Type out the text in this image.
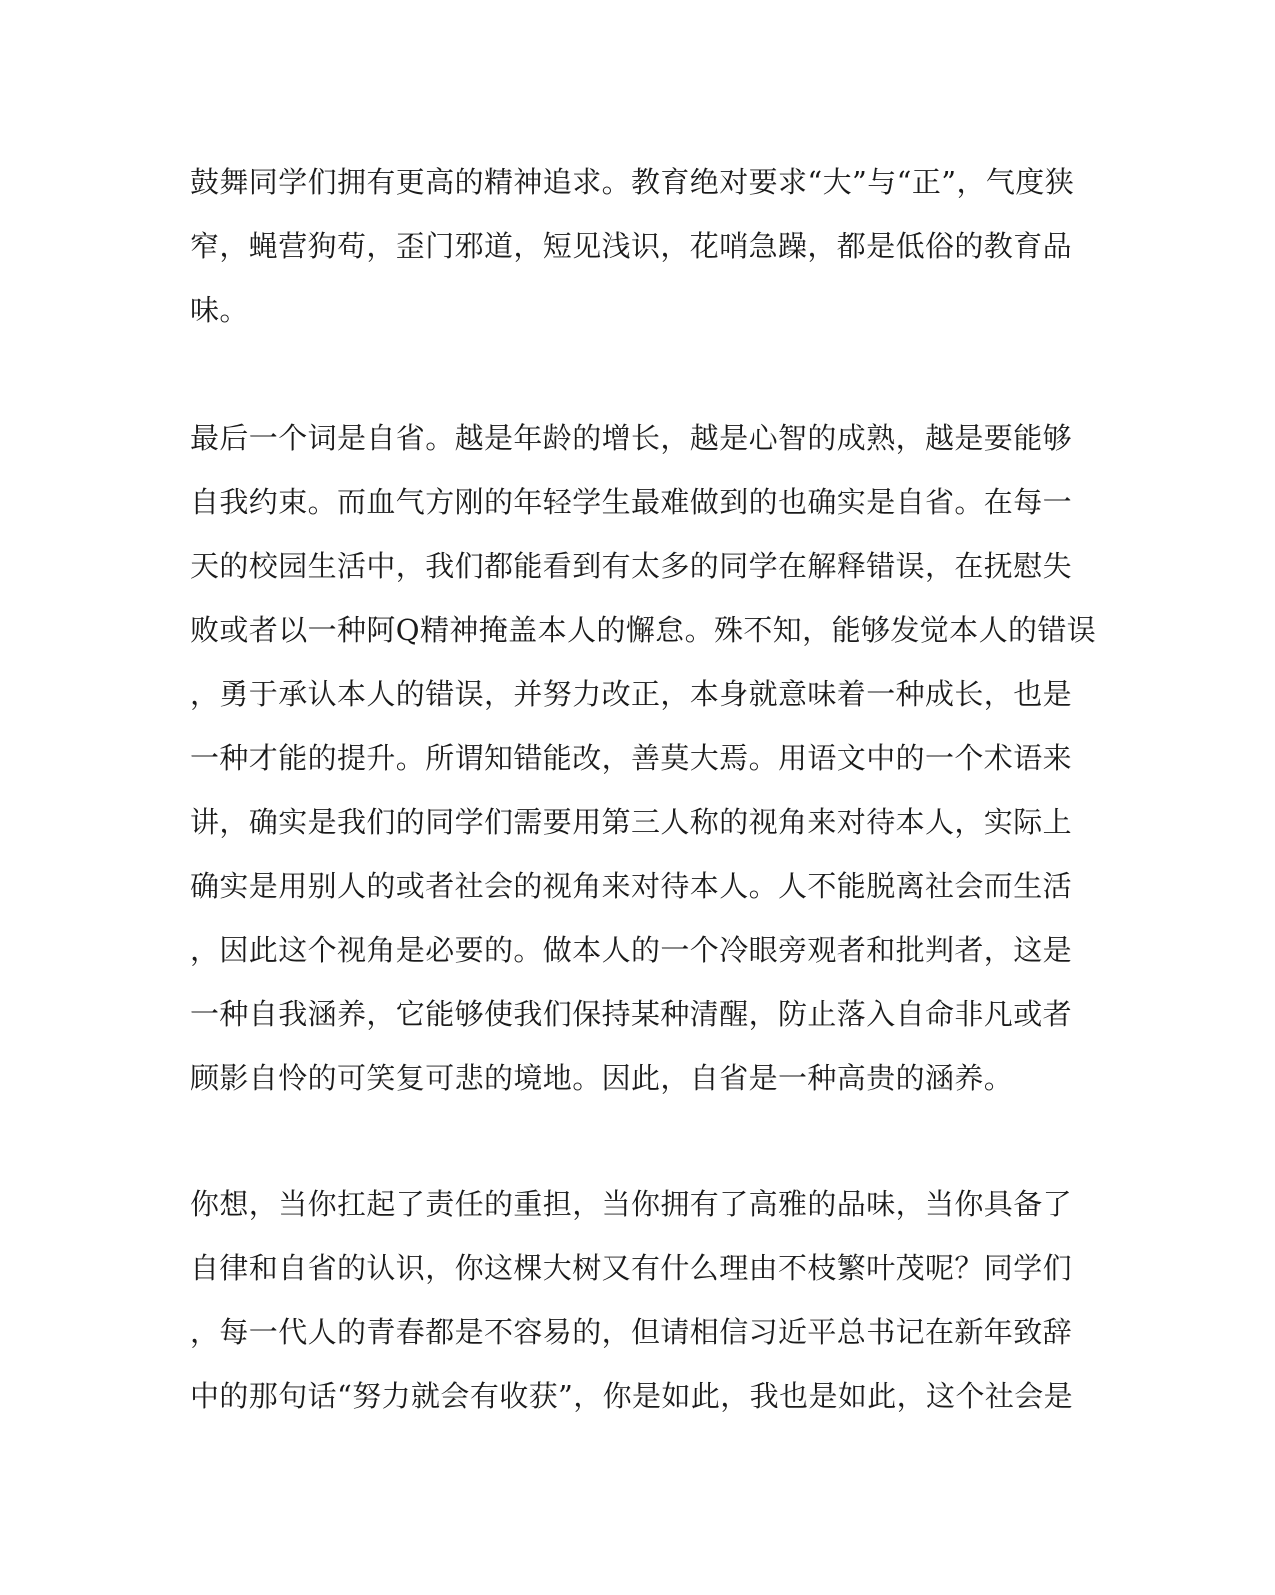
鼓舞同学们拥有更高的精神追求。教育绝对要求“大”与“正”，气度狭
窄，蝇营狗苟，歪门邪道，短见浅识，花哨急躁，都是低俗的教育品
味。
最后一个词是自省。越是年龄的增长，越是心智的成熟，越是要能够
自我约束。而血气方刚的年轻学生最难做到的也确实是自省。在每一
天的校园生活中，我们都能看到有太多的同学在解释错误，在抚慰失
败或者以一种阿Q精神掩盖本人的懈怠。殊不知，能够发觉本人的错误
，勇于承认本人的错误，并努力改正，本身就意味着一种成长，也是
一种才能的提升。所谓知错能改，善莫大焉。用语文中的一个术语来
讲，确实是我们的同学们需要用第三人称的视角来对待本人，实际上
确实是用别人的或者社会的视角来对待本人。人不能脱离社会而生活
，因此这个视角是必要的。做本人的一个冷眼旁观者和批判者，这是
一种自我涵养，它能够使我们保持某种清醒，防止落入自命非凡或者
顾影自怜的可笑复可悲的境地。因此，自省是一种高贵的涵养。
你想，当你扛起了责任的重担，当你拥有了高雅的品味，当你具备了
自律和自省的认识，你这棵大树又有什么理由不枝繁叶茂呢？同学们
，每一代人的青春都是不容易的，但请相信习近平总书记在新年致辞
中的那句话“努力就会有收获”，你是如此，我也是如此，这个社会是
